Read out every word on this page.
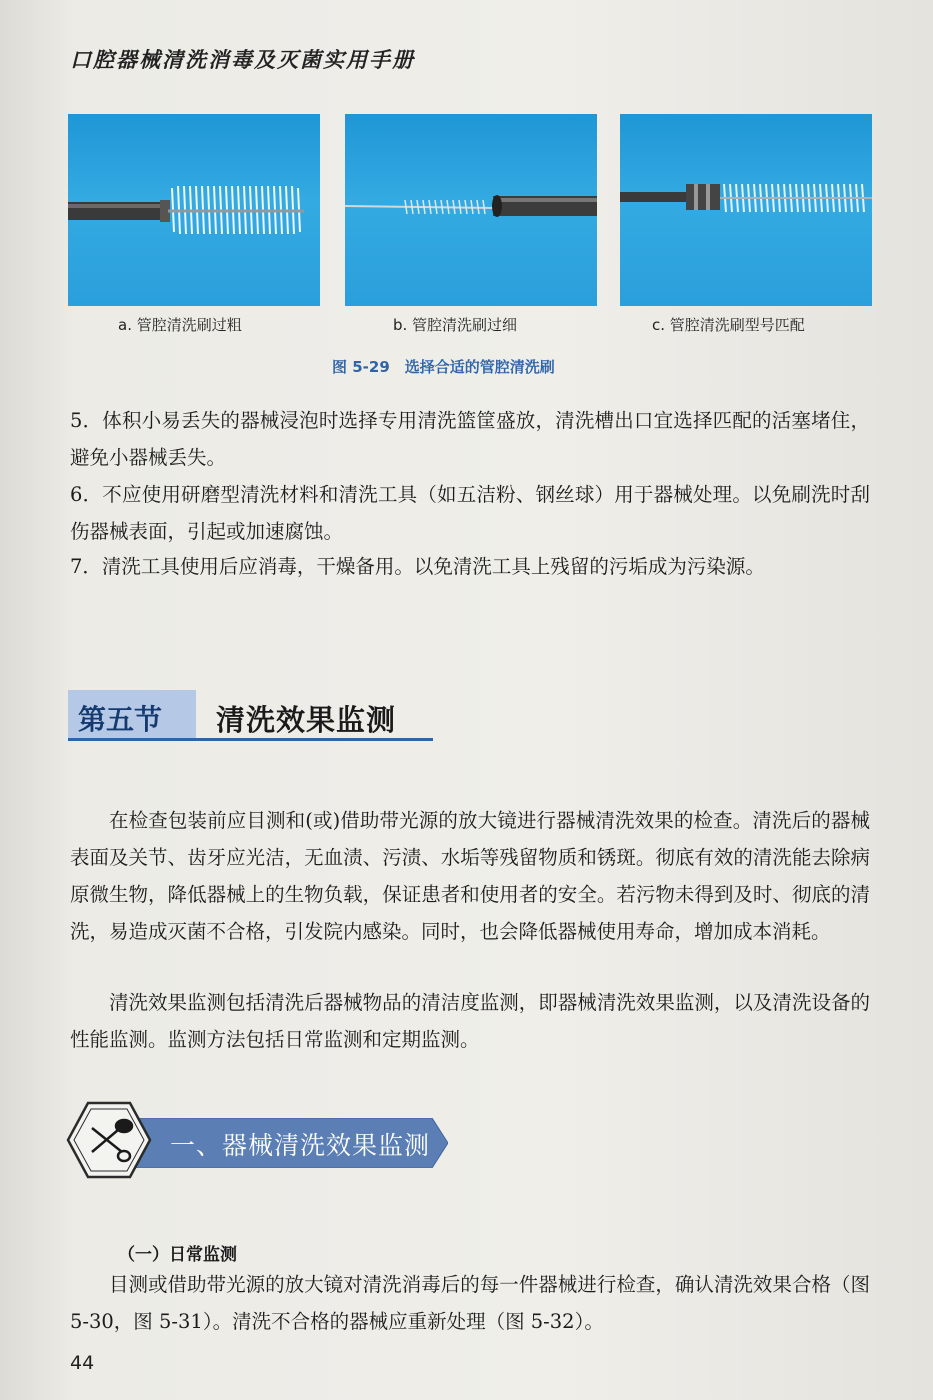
口腔器械清洗消毒及灭菌实用手册
a. 管腔清洗刷过粗	b. 管腔清洗刷过细	c. 管腔清洗刷型号匹配
图 5-29　选择合适的管腔清洗刷
5．体积小易丢失的器械浸泡时选择专用清洗篮筐盛放，清洗槽出口宜选择匹配的活塞堵住，避免小器械丢失。
6．不应使用研磨型清洗材料和清洗工具（如五洁粉、钢丝球）用于器械处理。以免刷洗时刮伤器械表面，引起或加速腐蚀。
7．清洗工具使用后应消毒，干燥备用。以免清洗工具上残留的污垢成为污染源。
第五节 清洗效果监测
在检查包装前应目测和(或)借助带光源的放大镜进行器械清洗效果的检查。清洗后的器械表面及关节、齿牙应光洁，无血渍、污渍、水垢等残留物质和锈斑。彻底有效的清洗能去除病原微生物，降低器械上的生物负载，保证患者和使用者的安全。若污物未得到及时、彻底的清洗，易造成灭菌不合格，引发院内感染。同时，也会降低器械使用寿命，增加成本消耗。
清洗效果监测包括清洗后器械物品的清洁度监测，即器械清洗效果监测，以及清洗设备的性能监测。监测方法包括日常监测和定期监测。
一、器械清洗效果监测
（一）日常监测
目测或借助带光源的放大镜对清洗消毒后的每一件器械进行检查，确认清洗效果合格（图 5-30，图 5-31）。清洗不合格的器械应重新处理（图 5-32）。
44
